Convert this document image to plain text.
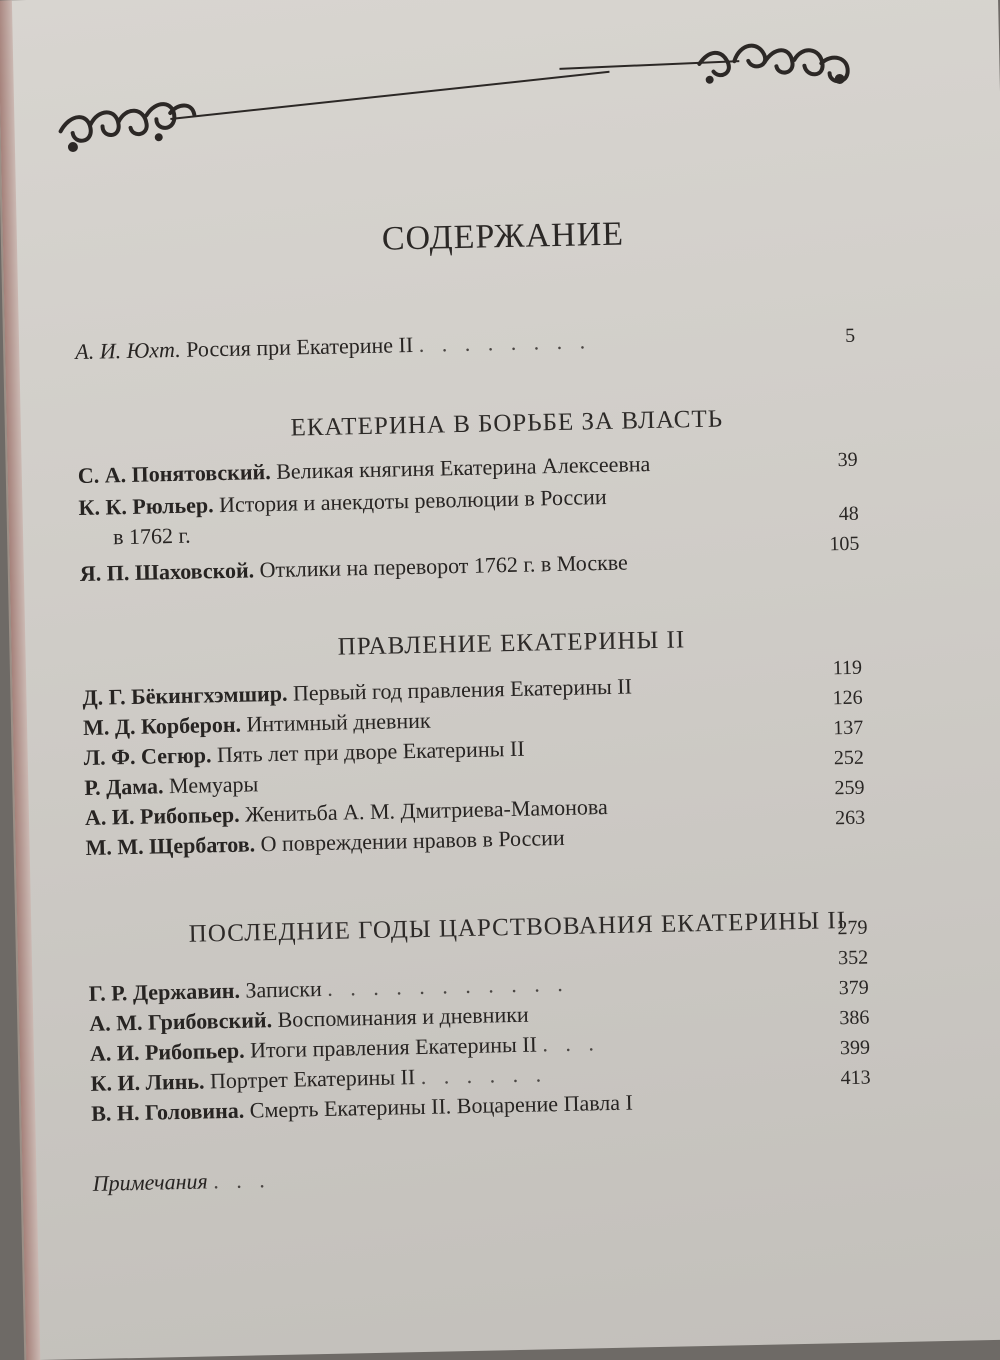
СОДЕРЖАНИЕ
А. И. Юхт. Россия при Екатерине II . . . . . . . .	5
ЕКАТЕРИНА В БОРЬБЕ ЗА ВЛАСТЬ
С. А. Понятовский. Великая княгиня Екатерина Алексеевна	39
К. К. Рюльер. История и анекдоты революции в России
в 1762 г.
48
Я. П. Шаховской. Отклики на переворот 1762 г. в Москве
105
ПРАВЛЕНИЕ ЕКАТЕРИНЫ II
Д. Г. Бёкингхэмшир. Первый год правления Екатерины II
119
М. Д. Корберон. Интимный дневник
126
Л. Ф. Сегюр. Пять лет при дворе Екатерины II
137
Р. Дама. Мемуары
252
А. И. Рибопьер. Женитьба А. М. Дмитриева-Мамонова
259
М. М. Щербатов. О повреждении нравов в России
263
ПОСЛЕДНИЕ ГОДЫ ЦАРСТВОВАНИЯ ЕКАТЕРИНЫ II
Г. Р. Державин. Записки . . . . . . . . . . .
279
А. М. Грибовский. Воспоминания и дневники
352
А. И. Рибопьер. Итоги правления Екатерины II . . .
379
К. И. Линь. Портрет Екатерины II . . . . . .
386
В. Н. Головина. Смерть Екатерины II. Воцарение Павла I
399
Примечания . . .
413
